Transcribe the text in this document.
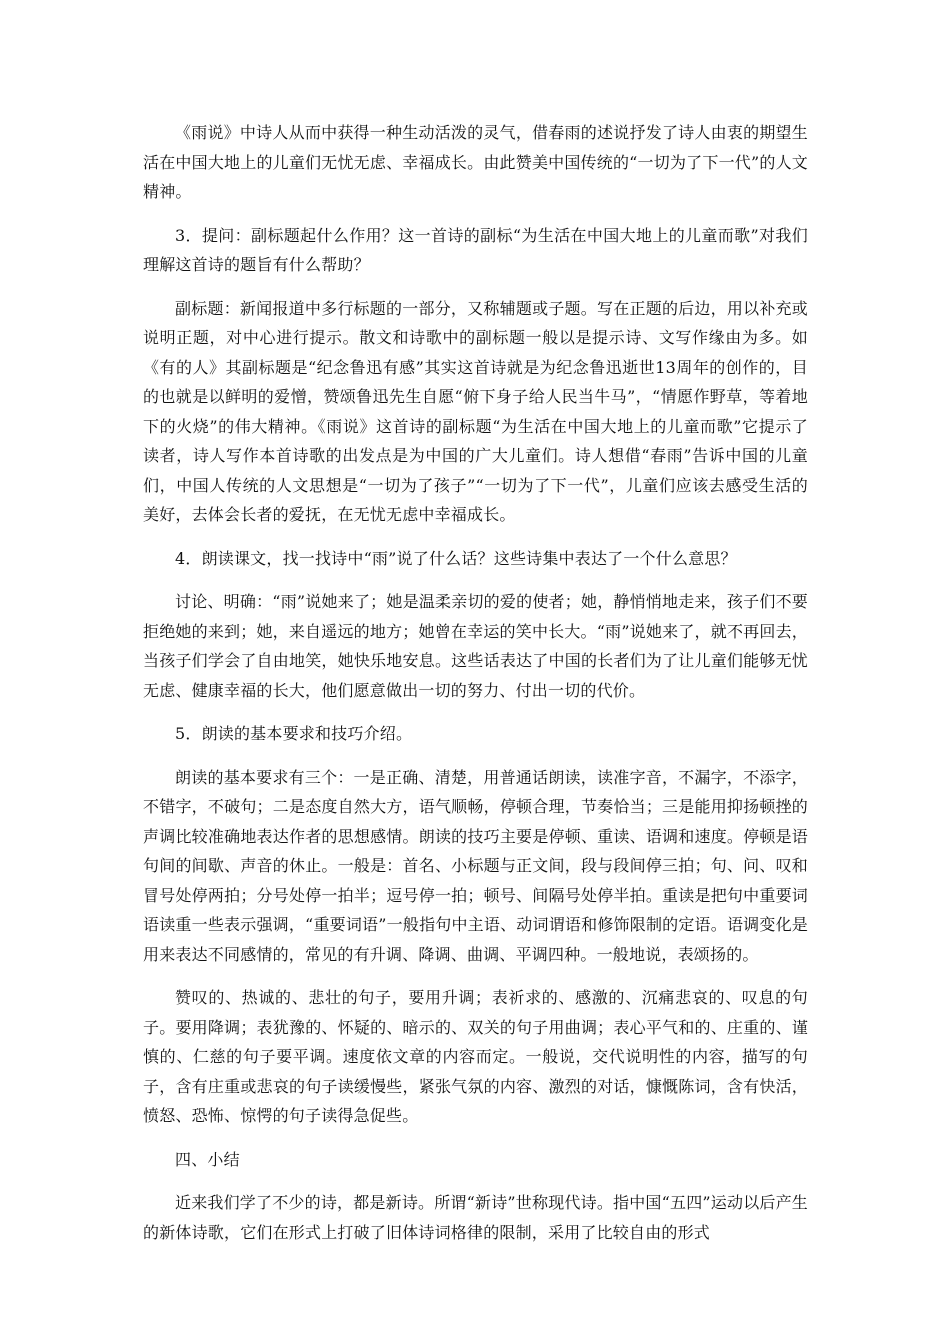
《雨说》中诗人从而中获得一种生动活泼的灵气，借春雨的述说抒发了诗人由衷的期望生活在中国大地上的儿童们无忧无虑、幸福成长。由此赞美中国传统的“一切为了下一代”的人文精神。

3．提问：副标题起什么作用？这一首诗的副标“为生活在中国大地上的儿童而歌”对我们理解这首诗的题旨有什么帮助？

副标题：新闻报道中多行标题的一部分，又称辅题或子题。写在正题的后边，用以补充或说明正题，对中心进行提示。散文和诗歌中的副标题一般以是提示诗、文写作缘由为多。如《有的人》其副标题是“纪念鲁迅有感”其实这首诗就是为纪念鲁迅逝世13周年的创作的，目的也就是以鲜明的爱憎，赞颂鲁迅先生自愿“俯下身子给人民当牛马”，“情愿作野草，等着地下的火烧”的伟大精神。《雨说》这首诗的副标题“为生活在中国大地上的儿童而歌”它提示了读者，诗人写作本首诗歌的出发点是为中国的广大儿童们。诗人想借“春雨”告诉中国的儿童们，中国人传统的人文思想是“一切为了孩子”“一切为了下一代”，儿童们应该去感受生活的美好，去体会长者的爱抚，在无忧无虑中幸福成长。

4．朗读课文，找一找诗中“雨”说了什么话？这些诗集中表达了一个什么意思？

讨论、明确：“雨”说她来了；她是温柔亲切的爱的使者；她，静悄悄地走来，孩子们不要拒绝她的来到；她，来自遥远的地方；她曾在幸运的笑中长大。“雨”说她来了，就不再回去，当孩子们学会了自由地笑，她快乐地安息。这些话表达了中国的长者们为了让儿童们能够无忧无虑、健康幸福的长大，他们愿意做出一切的努力、付出一切的代价。

5．朗读的基本要求和技巧介绍。

朗读的基本要求有三个：一是正确、清楚，用普通话朗读，读准字音，不漏字，不添字，不错字，不破句；二是态度自然大方，语气顺畅，停顿合理，节奏恰当；三是能用抑扬顿挫的声调比较准确地表达作者的思想感情。朗读的技巧主要是停顿、重读、语调和速度。停顿是语句间的间歇、声音的休止。一般是：首名、小标题与正文间，段与段间停三拍；句、问、叹和冒号处停两拍；分号处停一拍半；逗号停一拍；顿号、间隔号处停半拍。重读是把句中重要词语读重一些表示强调，“重要词语”一般指句中主语、动词谓语和修饰限制的定语。语调变化是用来表达不同感情的，常见的有升调、降调、曲调、平调四种。一般地说，表颂扬的。

赞叹的、热诚的、悲壮的句子，要用升调；表祈求的、感激的、沉痛悲哀的、叹息的句子。要用降调；表犹豫的、怀疑的、暗示的、双关的句子用曲调；表心平气和的、庄重的、谨慎的、仁慈的句子要平调。速度依文章的内容而定。一般说，交代说明性的内容，描写的句子，含有庄重或悲哀的句子读缓慢些，紧张气氛的内容、激烈的对话，慷慨陈词，含有快活，愤怒、恐怖、惊愕的句子读得急促些。

四、小结

近来我们学了不少的诗，都是新诗。所谓“新诗”世称现代诗。指中国“五四”运动以后产生的新体诗歌，它们在形式上打破了旧体诗词格律的限制，采用了比较自由的形式
